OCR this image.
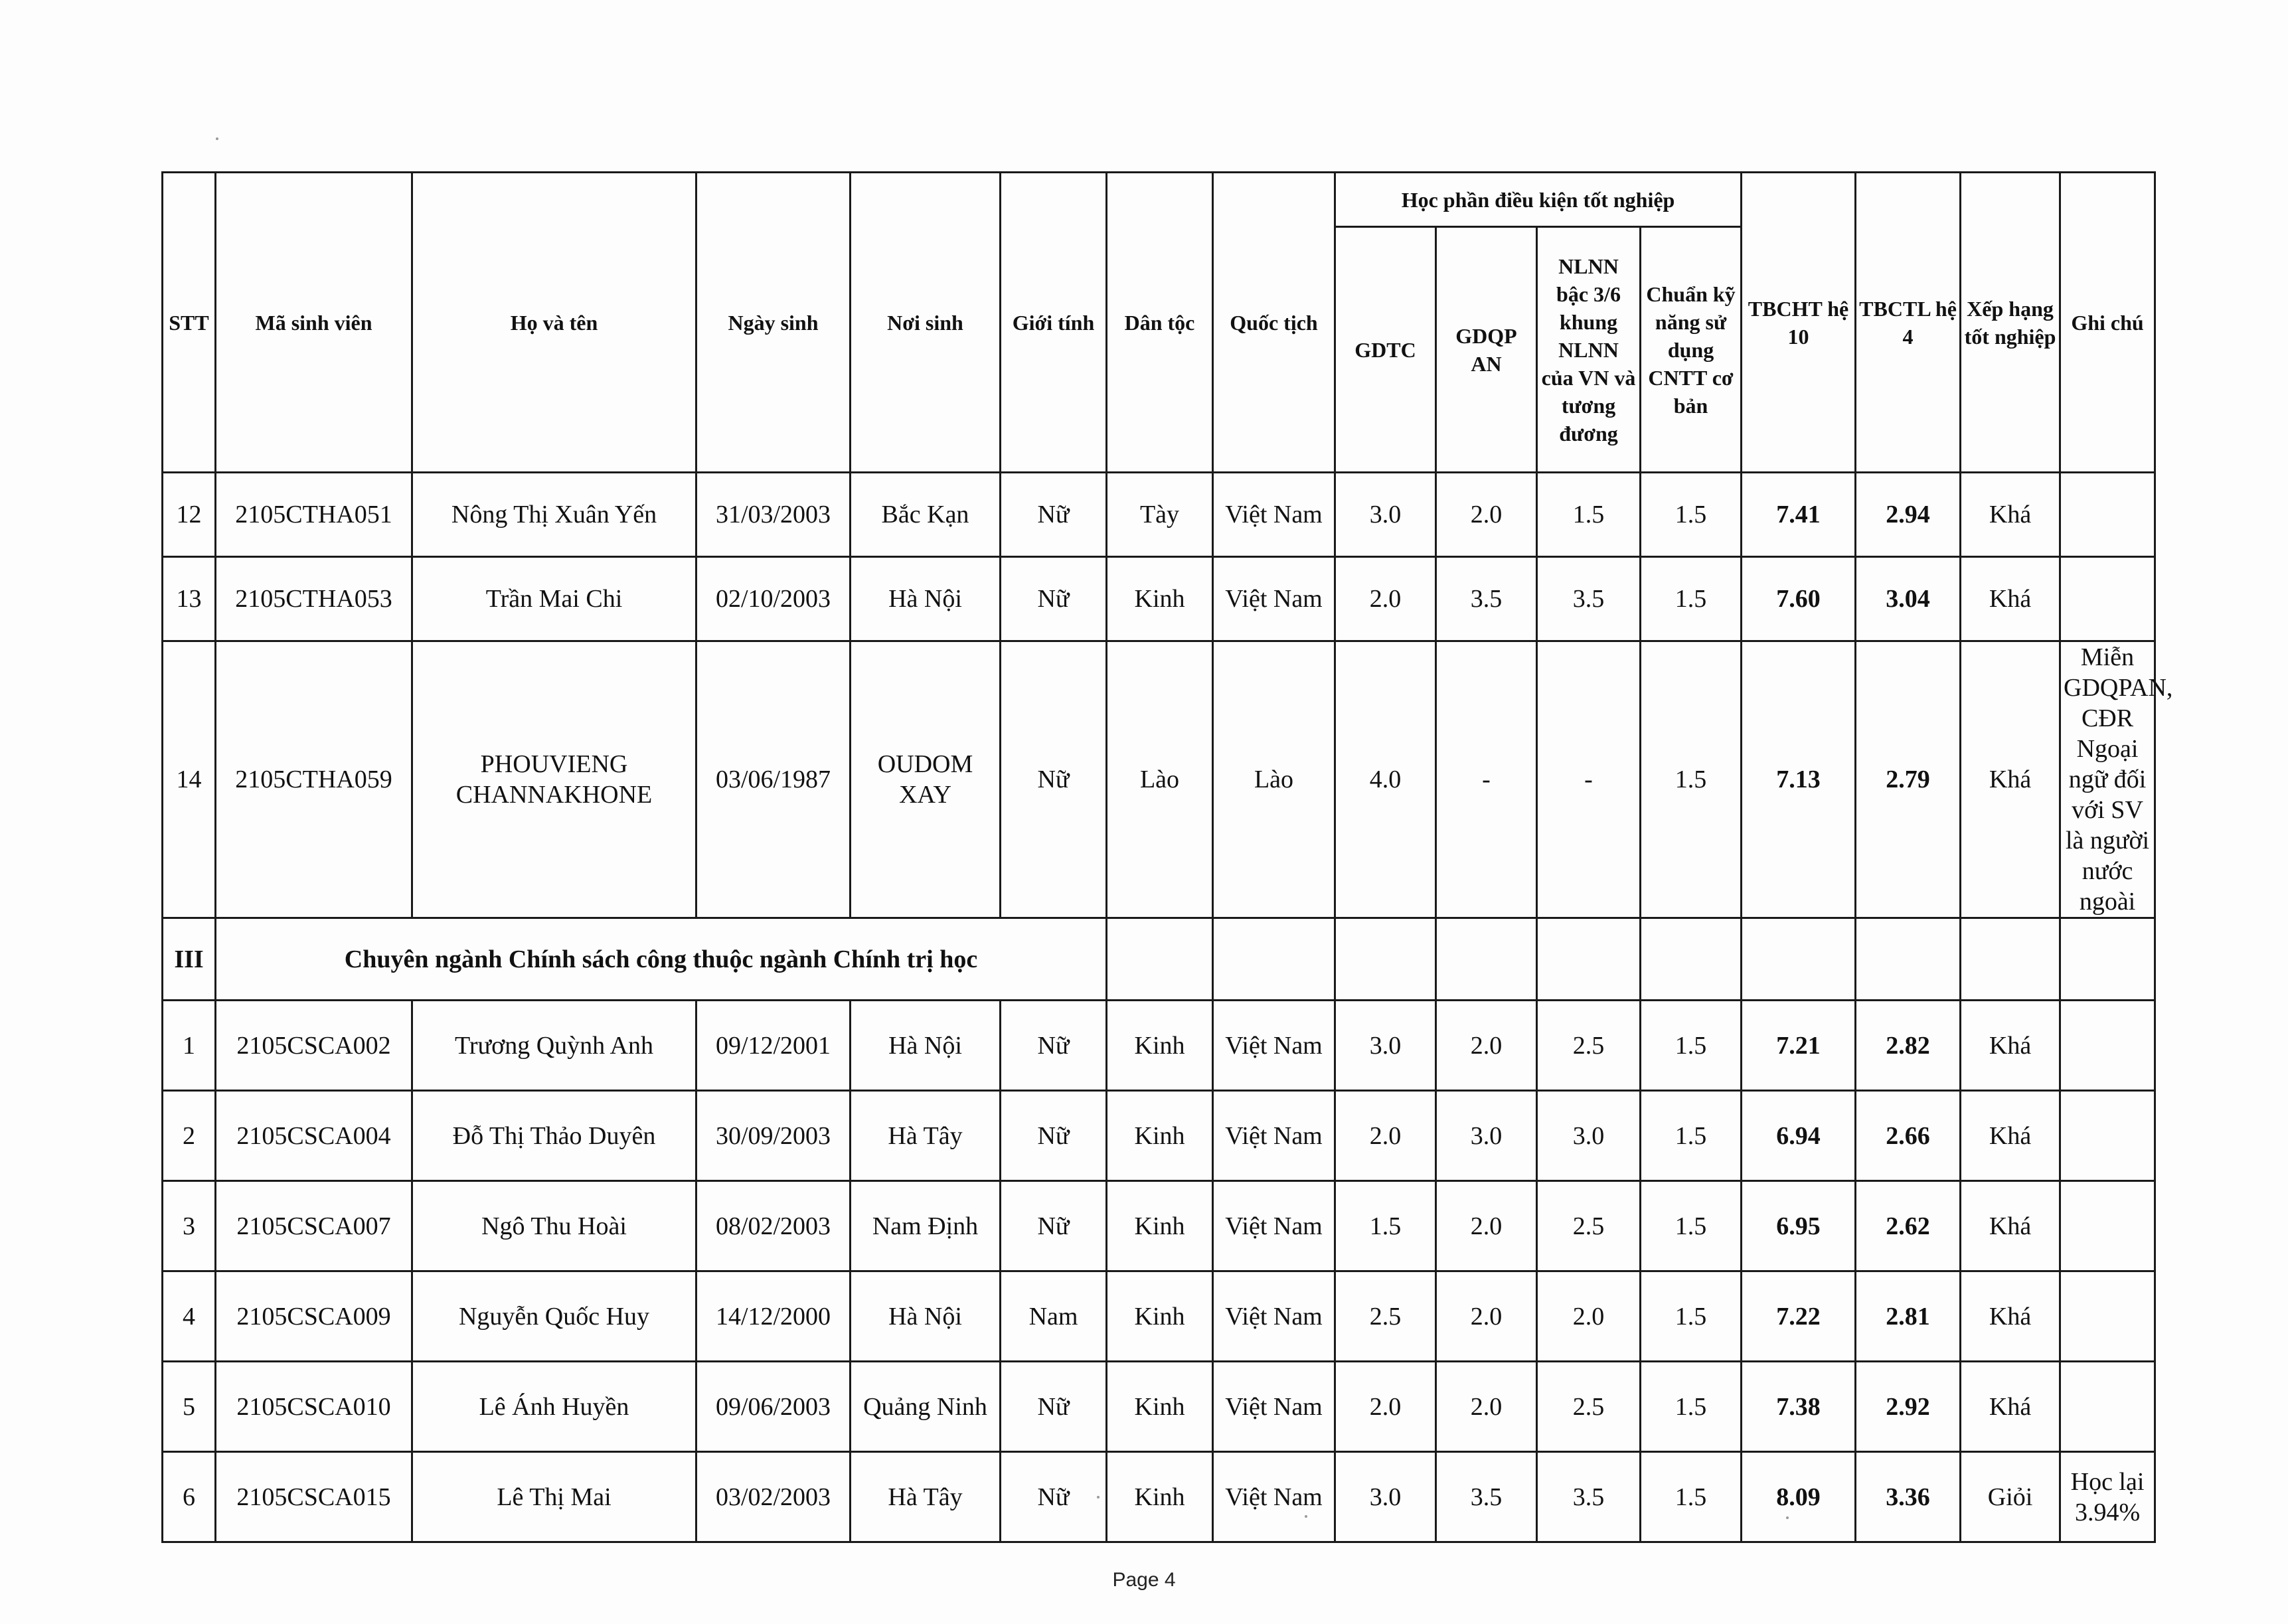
STT	Mã sinh viên	Họ và tên	Ngày sinh	Nơi sinh	Giới tính	Dân tộc	Quốc tịch	Học phần điều kiện tốt nghiệp				TBCHT hệ 10	TBCTL hệ 4	Xếp hạng tốt nghiệp	Ghi chú
								GDTC	GDQP AN	NLNN bậc 3/6 khung NLNN của VN và tương đương	Chuẩn kỹ năng sử dụng CNTT cơ bản				
12	2105CTHA051	Nông Thị Xuân Yến	31/03/2003	Bắc Kạn	Nữ	Tày	Việt Nam	3.0	2.0	1.5	1.5	7.41	2.94	Khá	
13	2105CTHA053	Trần Mai Chi	02/10/2003	Hà Nội	Nữ	Kinh	Việt Nam	2.0	3.5	3.5	1.5	7.60	3.04	Khá	
14	2105CTHA059	PHOUVIENG CHANNAKHONE	03/06/1987	OUDOM XAY	Nữ	Lào	Lào	4.0	-	-	1.5	7.13	2.79	Khá	Miễn GDQPAN, CĐR Ngoại ngữ đối với SV là người nước ngoài
III	Chuyên ngành Chính sách công thuộc ngành Chính trị học														
1	2105CSCA002	Trương Quỳnh Anh	09/12/2001	Hà Nội	Nữ	Kinh	Việt Nam	3.0	2.0	2.5	1.5	7.21	2.82	Khá	
2	2105CSCA004	Đỗ Thị Thảo Duyên	30/09/2003	Hà Tây	Nữ	Kinh	Việt Nam	2.0	3.0	3.0	1.5	6.94	2.66	Khá	
3	2105CSCA007	Ngô Thu Hoài	08/02/2003	Nam Định	Nữ	Kinh	Việt Nam	1.5	2.0	2.5	1.5	6.95	2.62	Khá	
4	2105CSCA009	Nguyễn Quốc Huy	14/12/2000	Hà Nội	Nam	Kinh	Việt Nam	2.5	2.0	2.0	1.5	7.22	2.81	Khá	
5	2105CSCA010	Lê Ánh Huyền	09/06/2003	Quảng Ninh	Nữ	Kinh	Việt Nam	2.0	2.0	2.5	1.5	7.38	2.92	Khá	
6	2105CSCA015	Lê Thị Mai	03/02/2003	Hà Tây	Nữ	Kinh	Việt Nam	3.0	3.5	3.5	1.5	8.09	3.36	Giỏi	Học lại 3.94%
Page 4
